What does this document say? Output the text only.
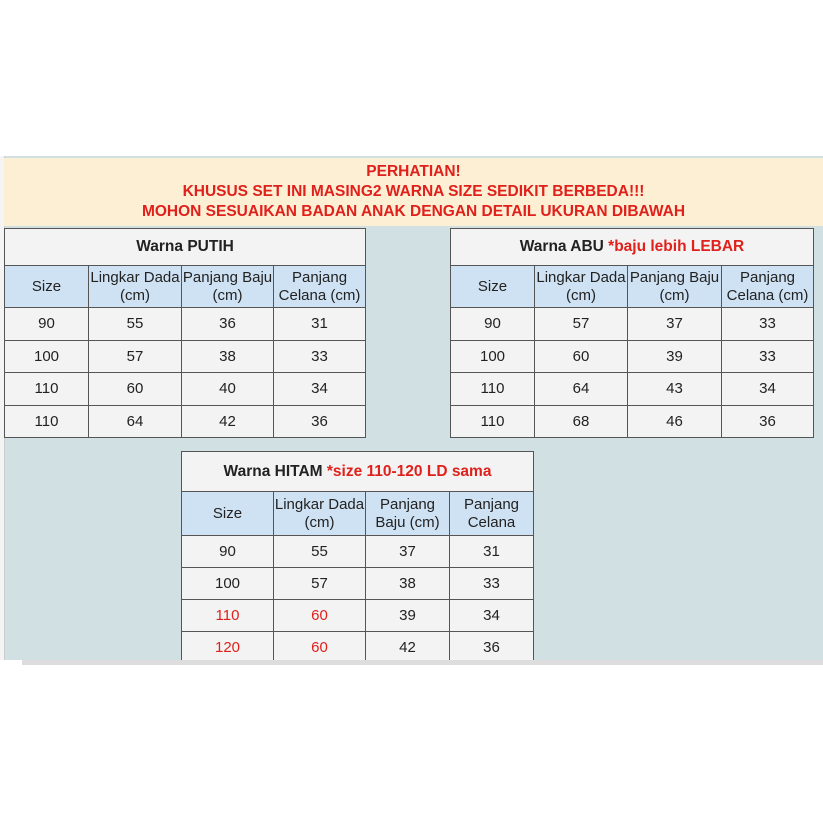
PERHATIAN!
KHUSUS SET INI MASING2 WARNA SIZE SEDIKIT BERBEDA!!!
MOHON SESUAIKAN BADAN ANAK DENGAN DETAIL UKURAN DIBAWAH
Warna PUTIH			
Size	Lingkar Dada (cm)	Panjang Baju (cm)	Panjang Celana (cm)
90	55	36	31
100	57	38	33
110	60	40	34
110	64	42	36
Warna ABU *baju lebih LEBAR			
Size	Lingkar Dada (cm)	Panjang Baju (cm)	Panjang Celana (cm)
90	57	37	33
100	60	39	33
110	64	43	34
110	68	46	36
Warna HITAM *size 110-120 LD sama			
Size	Lingkar Dada (cm)	Panjang Baju (cm)	Panjang Celana
90	55	37	31
100	57	38	33
110	60	39	34
120	60	42	36
